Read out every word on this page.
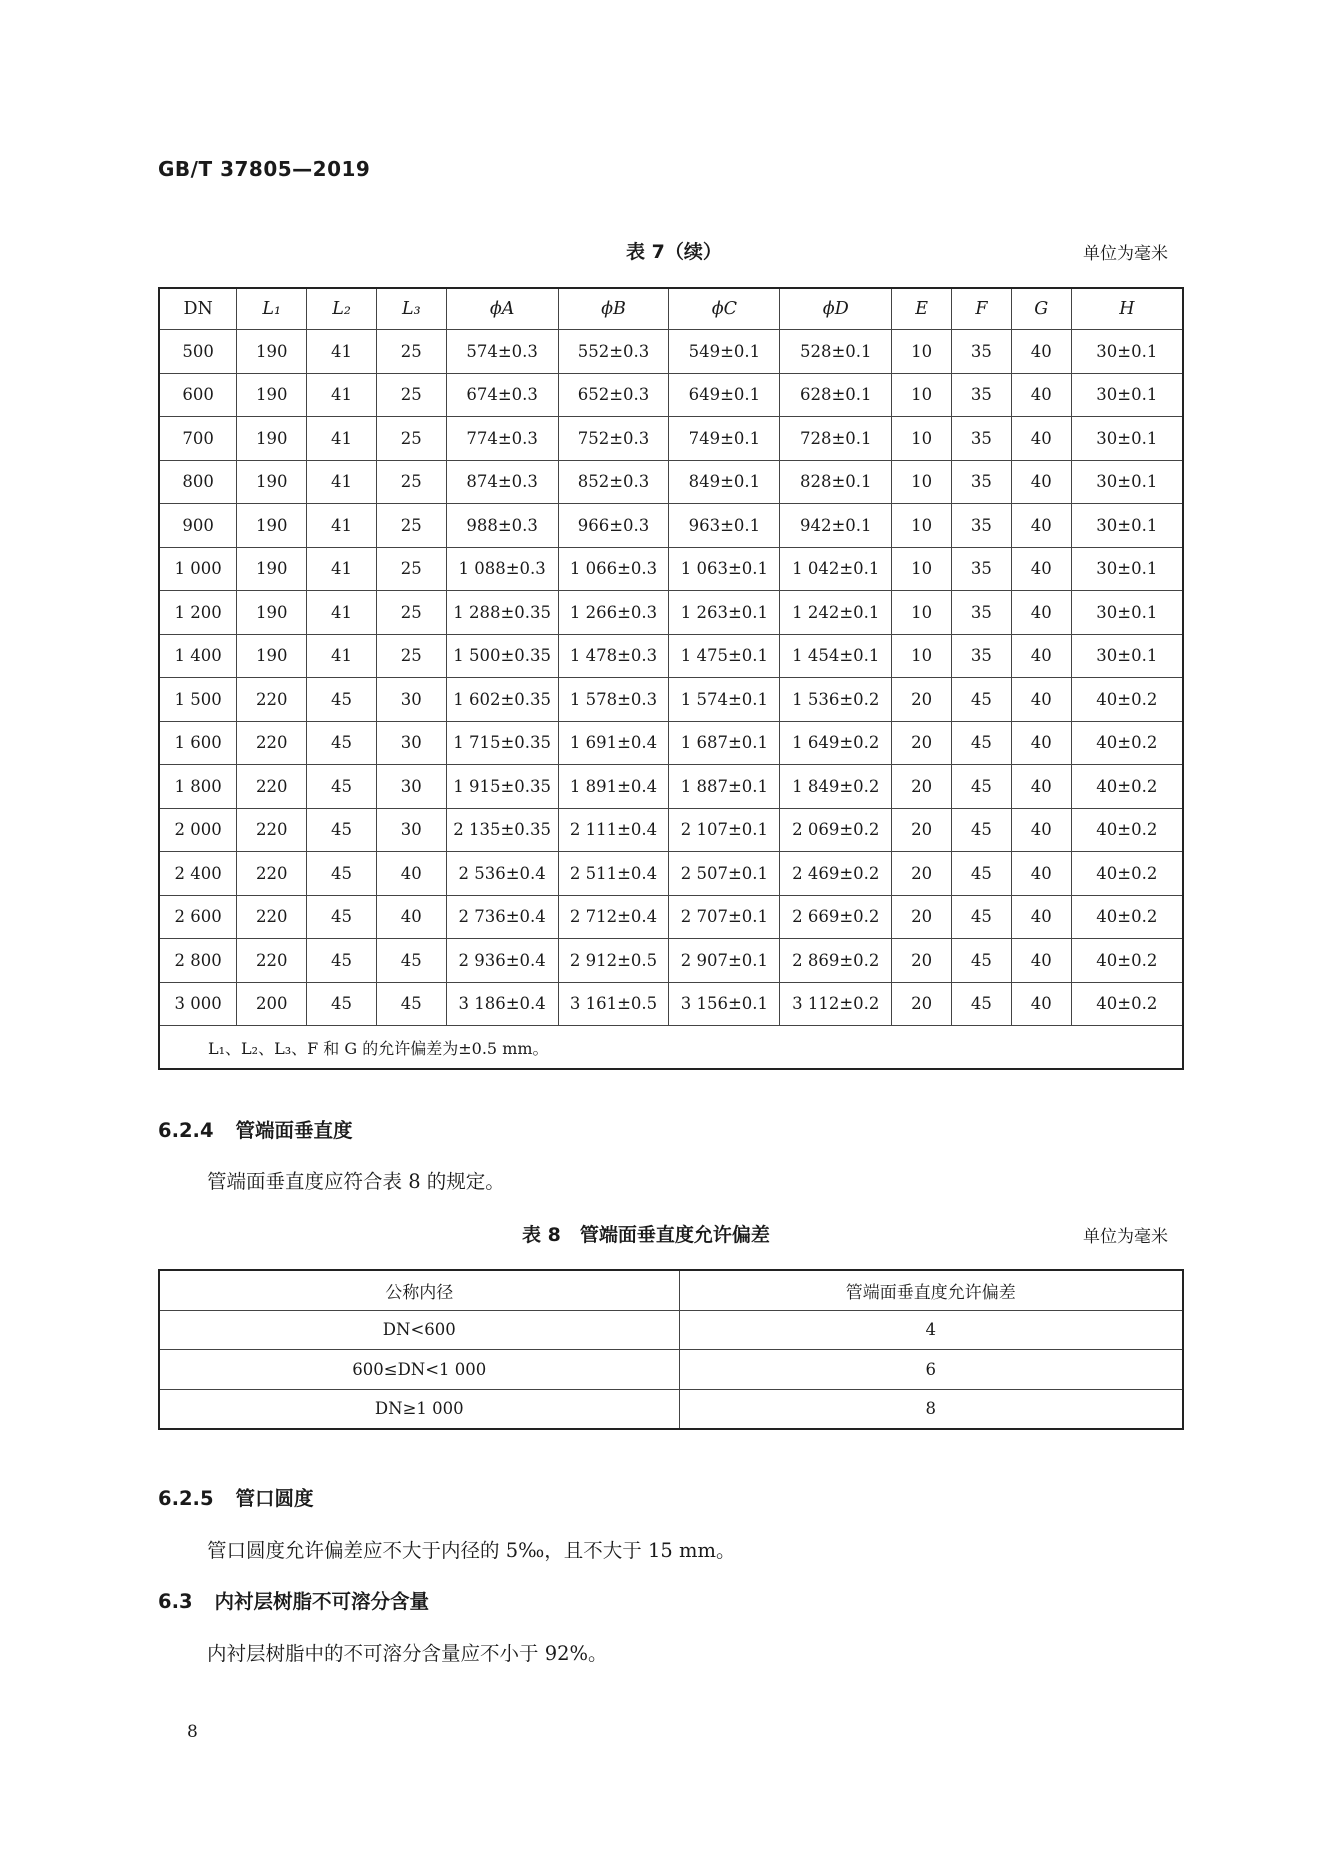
GB/T 37805—2019
表 7（续）	单位为毫米
DN	L₁	L₂	L₃	ϕA	ϕB	ϕC	ϕD	E	F	G	H
500	190	41	25	574±0.3	552±0.3	549±0.1	528±0.1	10	35	40	30±0.1
600	190	41	25	674±0.3	652±0.3	649±0.1	628±0.1	10	35	40	30±0.1
700	190	41	25	774±0.3	752±0.3	749±0.1	728±0.1	10	35	40	30±0.1
800	190	41	25	874±0.3	852±0.3	849±0.1	828±0.1	10	35	40	30±0.1
900	190	41	25	988±0.3	966±0.3	963±0.1	942±0.1	10	35	40	30±0.1
1 000	190	41	25	1 088±0.3	1 066±0.3	1 063±0.1	1 042±0.1	10	35	40	30±0.1
1 200	190	41	25	1 288±0.35	1 266±0.3	1 263±0.1	1 242±0.1	10	35	40	30±0.1
1 400	190	41	25	1 500±0.35	1 478±0.3	1 475±0.1	1 454±0.1	10	35	40	30±0.1
1 500	220	45	30	1 602±0.35	1 578±0.3	1 574±0.1	1 536±0.2	20	45	40	40±0.2
1 600	220	45	30	1 715±0.35	1 691±0.4	1 687±0.1	1 649±0.2	20	45	40	40±0.2
1 800	220	45	30	1 915±0.35	1 891±0.4	1 887±0.1	1 849±0.2	20	45	40	40±0.2
2 000	220	45	30	2 135±0.35	2 111±0.4	2 107±0.1	2 069±0.2	20	45	40	40±0.2
2 400	220	45	40	2 536±0.4	2 511±0.4	2 507±0.1	2 469±0.2	20	45	40	40±0.2
2 600	220	45	40	2 736±0.4	2 712±0.4	2 707±0.1	2 669±0.2	20	45	40	40±0.2
2 800	220	45	45	2 936±0.4	2 912±0.5	2 907±0.1	2 869±0.2	20	45	40	40±0.2
3 000	200	45	45	3 186±0.4	3 161±0.5	3 156±0.1	3 112±0.2	20	45	40	40±0.2
L₁、L₂、L₃、F 和 G 的允许偏差为±0.5 mm。											
6.2.4 管端面垂直度
管端面垂直度应符合表 8 的规定。
表 8　管端面垂直度允许偏差	单位为毫米
公称内径	管端面垂直度允许偏差
DN<600	4
600≤DN<1 000	6
DN≥1 000	8
6.2.5 管口圆度
管口圆度允许偏差应不大于内径的 5‰，且不大于 15 mm。
6.3 内衬层树脂不可溶分含量
内衬层树脂中的不可溶分含量应不小于 92%。
8
